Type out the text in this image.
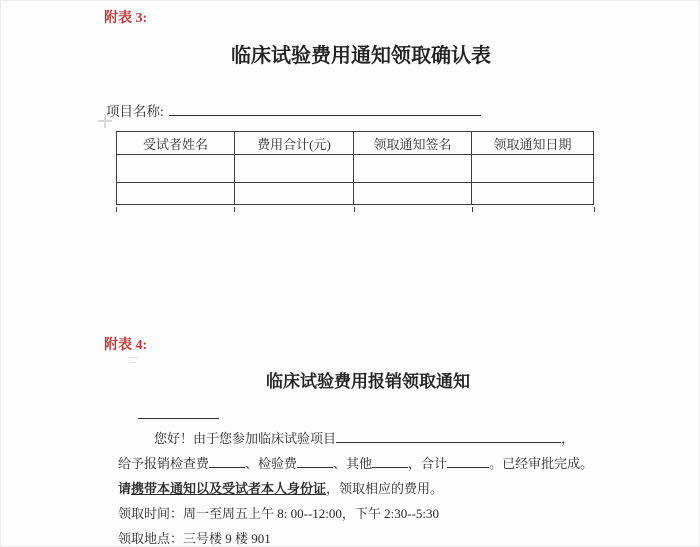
附表 3:
临床试验费用通知领取确认表
项目名称:
受试者姓名	费用合计(元)	领取通知签名	领取通知日期

附表 4:
临床试验费用报销领取通知
您好！由于您参加临床试验项目	，
给予报销检查费	、检验费	、其他	，合计	。已经审批完成。
请携带本通知以及受试者本人身份证，领取相应的费用。
领取时间：周一至周五上午 8: 00--12:00，下午 2:30--5:30
领取地点：三号楼 9 楼 901
